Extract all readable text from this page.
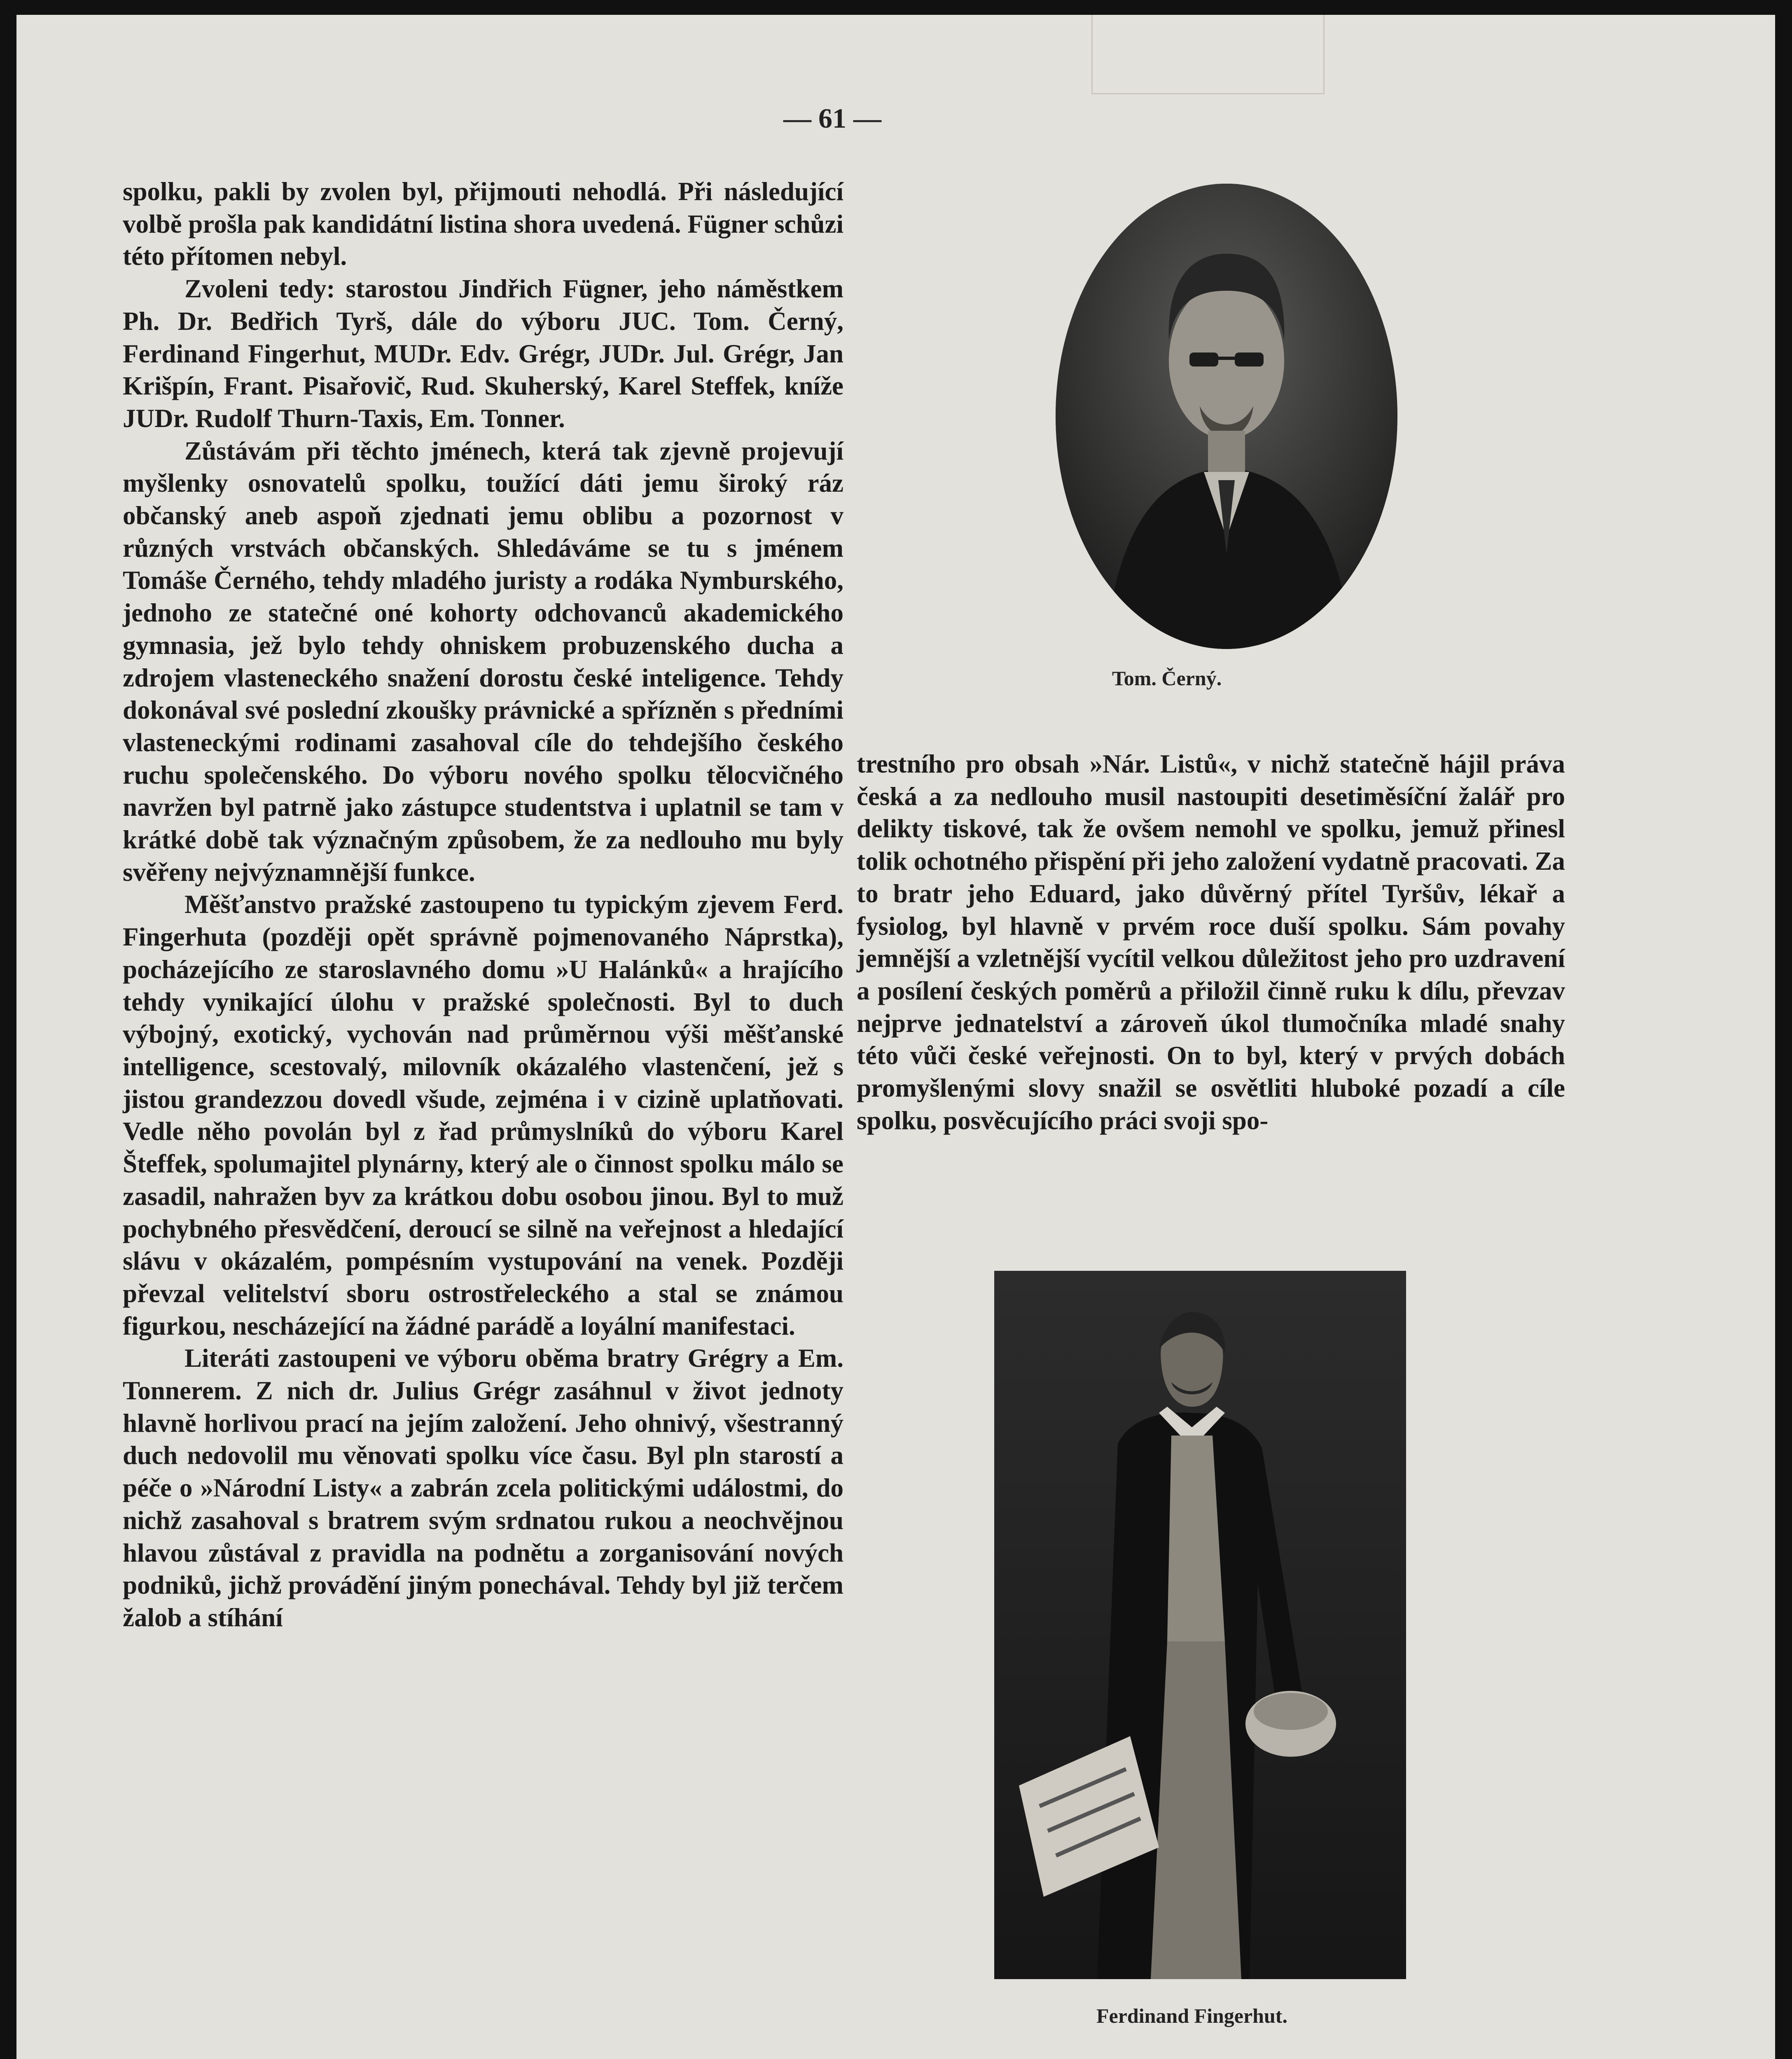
— 61 —

spolku, pakli by zvolen byl, přijmouti nehodlá. Při následující volbě prošla pak kandidátní listina shora uvedená. Fügner schůzi této přítomen nebyl.

Zvoleni tedy: starostou Jindřich Fügner, jeho náměstkem Ph. Dr. Bedřich Tyrš, dále do výboru JUC. Tom. Černý, Ferdinand Fingerhut, MUDr. Edv. Grégr, JUDr. Jul. Grégr, Jan Krišpín, Frant. Pisařovič, Rud. Skuherský, Karel Steffek, kníže JUDr. Rudolf Thurn-Taxis, Em. Tonner.

Zůstávám při těchto jménech, která tak zjevně projevují myšlenky osnovatelů spolku, toužící dáti jemu široký ráz občanský aneb aspoň zjednati jemu oblibu a pozornost v různých vrstvách občanských. Shledáváme se tu s jménem Tomáše Černého, tehdy mladého juristy a rodáka Nymburského, jednoho ze statečné oné kohorty odchovanců akademického gymnasia, jež bylo tehdy ohniskem probuzenského ducha a zdrojem vlasteneckého snažení dorostu české inteligence. Tehdy dokonával své poslední zkoušky právnické a spřízněn s předními vlasteneckými rodinami zasahoval cíle do tehdejšího českého ruchu společenského. Do výboru nového spolku tělocvičného navržen byl patrně jako zástupce studentstva i uplatnil se tam v krátké době tak význačným způsobem, že za nedlouho mu byly svěřeny nejvýznamnější funkce.

Měšťanstvo pražské zastoupeno tu typickým zjevem Ferd. Fingerhuta (později opět správně pojmenovaného Náprstka), pocházejícího ze staroslavného domu »U Halánků« a hrajícího tehdy vynikající úlohu v pražské společnosti. Byl to duch výbojný, exotický, vychován nad průměrnou výši měšťanské intelligence, scestovalý, milovník okázalého vlastenčení, jež s jistou grandezzou dovedl všude, zejména i v cizině uplatňovati. Vedle něho povolán byl z řad průmyslníků do výboru Karel Šteffek, spolumajitel plynárny, který ale o činnost spolku málo se zasadil, nahražen byv za krátkou dobu osobou jinou. Byl to muž pochybného přesvědčení, deroucí se silně na veřejnost a hledající slávu v okázalém, pompésním vystupování na venek. Později převzal velitelství sboru ostrostřeleckého a stal se známou figurkou, nescházející na žádné parádě a loyální manifestaci.

Literáti zastoupeni ve výboru oběma bratry Grégry a Em. Tonnerem. Z nich dr. Julius Grégr zasáhnul v život jednoty hlavně horlivou prací na jejím založení. Jeho ohnivý, všestranný duch nedovolil mu věnovati spolku více času. Byl pln starostí a péče o »Národní Listy« a zabrán zcela politickými událostmi, do nichž zasahoval s bratrem svým srdnatou rukou a neochvějnou hlavou zůstával z pravidla na podnětu a zorganisování nových podniků, jichž provádění jiným ponechával. Tehdy byl již terčem žalob a stíhání

Tom. Černý.

trestního pro obsah »Nár. Listů«, v nichž statečně hájil práva česká a za nedlouho musil nastoupiti desetiměsíční žalář pro delikty tiskové, tak že ovšem nemohl ve spolku, jemuž přinesl tolik ochotného přispění při jeho založení vydatně pracovati. Za to bratr jeho Eduard, jako důvěrný přítel Tyršův, lékař a fysiolog, byl hlavně v prvém roce duší spolku. Sám povahy jemnější a vzletnější vycítil velkou důležitost jeho pro uzdravení a posílení českých poměrů a přiložil činně ruku k dílu, převzav nejprve jednatelství a zároveň úkol tlumočníka mladé snahy této vůči české veřejnosti. On to byl, který v prvých dobách promyšlenými slovy snažil se osvětliti hluboké pozadí a cíle spolku, posvěcujícího práci svoji spo-

Ferdinand Fingerhut.
